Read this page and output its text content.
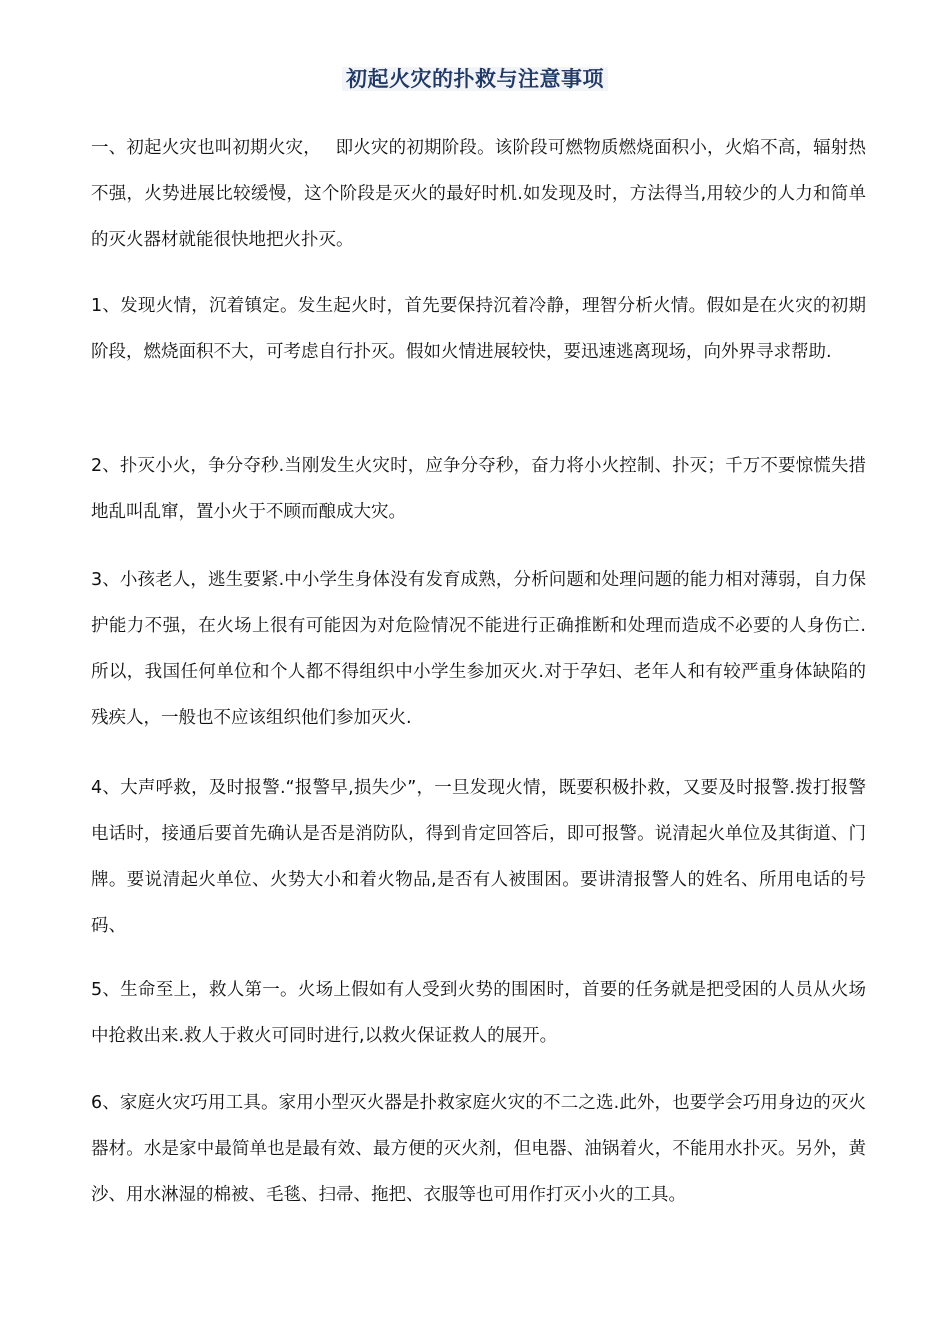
初起火灾的扑救与注意事项

一、初起火灾也叫初期火灾，　 即火灾的初期阶段。该阶段可燃物质燃烧面积小，火焰不高，辐射热不强，火势进展比较缓慢，这个阶段是灭火的最好时机.如发现及时，方法得当,用较少的人力和简单的灭火器材就能很快地把火扑灭。

1、发现火情，沉着镇定。发生起火时，首先要保持沉着冷静，理智分析火情。假如是在火灾的初期阶段，燃烧面积不大，可考虑自行扑灭。假如火情进展较快，要迅速逃离现场，向外界寻求帮助.

2、扑灭小火，争分夺秒.当刚发生火灾时，应争分夺秒，奋力将小火控制、扑灭；千万不要惊慌失措地乱叫乱窜，置小火于不顾而酿成大灾。

3、小孩老人，逃生要紧.中小学生身体没有发育成熟，分析问题和处理问题的能力相对薄弱，自力保护能力不强，在火场上很有可能因为对危险情况不能进行正确推断和处理而造成不必要的人身伤亡.所以，我国任何单位和个人都不得组织中小学生参加灭火.对于孕妇、老年人和有较严重身体缺陷的残疾人，一般也不应该组织他们参加灭火.

4、大声呼救，及时报警.“报警早,损失少”，一旦发现火情，既要积极扑救，又要及时报警.拨打报警电话时，接通后要首先确认是否是消防队，得到肯定回答后，即可报警。说清起火单位及其街道、门牌。要说清起火单位、火势大小和着火物品,是否有人被围困。要讲清报警人的姓名、所用电话的号码、

5、生命至上，救人第一。火场上假如有人受到火势的围困时，首要的任务就是把受困的人员从火场中抢救出来.救人于救火可同时进行,以救火保证救人的展开。

6、家庭火灾巧用工具。家用小型灭火器是扑救家庭火灾的不二之选.此外，也要学会巧用身边的灭火器材。水是家中最简单也是最有效、最方便的灭火剂，但电器、油锅着火，不能用水扑灭。另外，黄沙、用水淋湿的棉被、毛毯、扫帚、拖把、衣服等也可用作打灭小火的工具。
